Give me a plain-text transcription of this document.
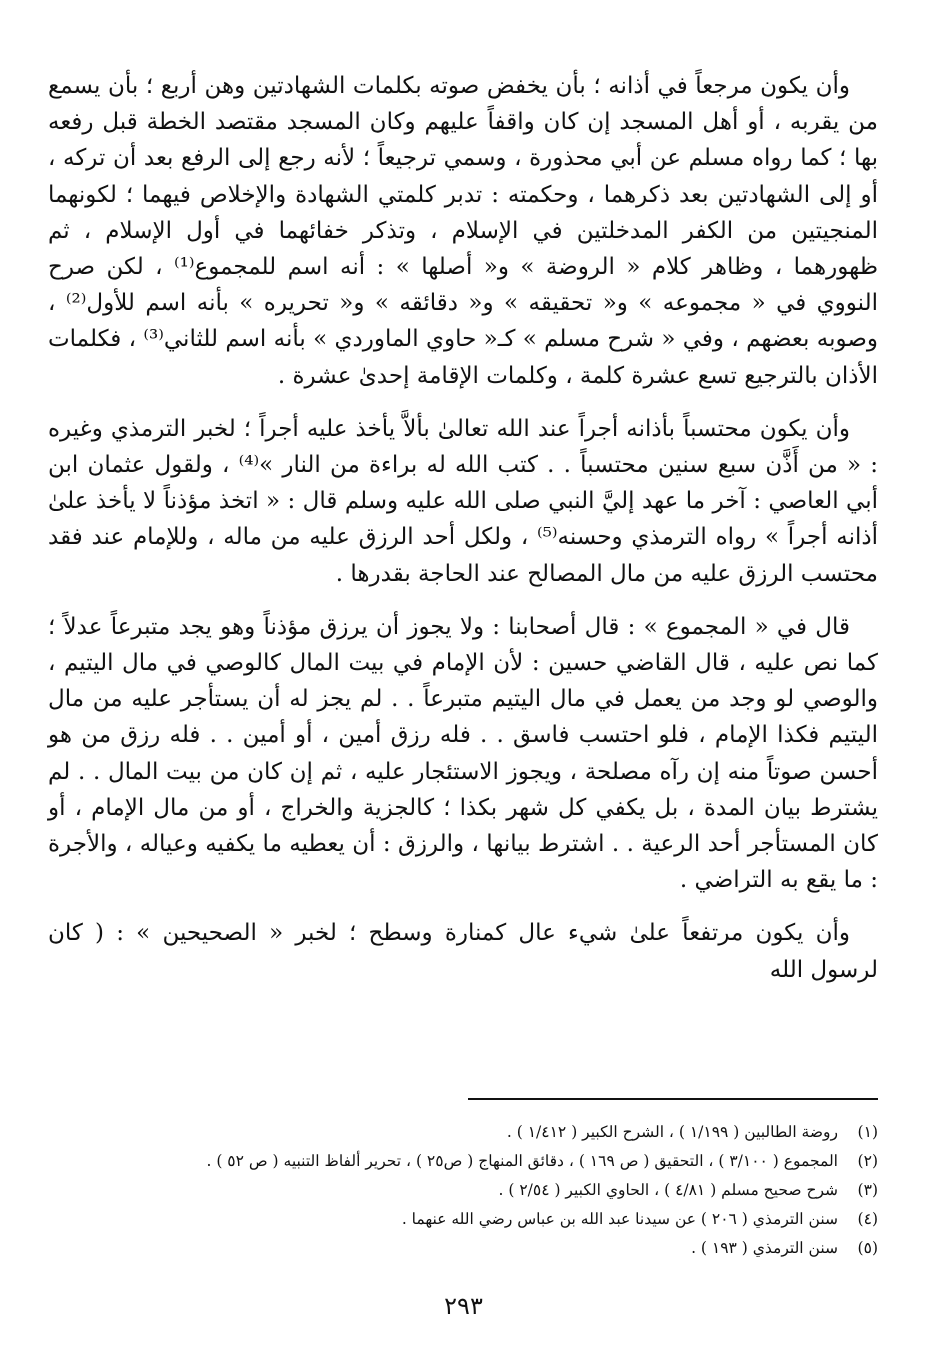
وأن يكون مرجعاً في أذانه ؛ بأن يخفض صوته بكلمات الشهادتين وهن أربع ؛ بأن يسمع من يقربه ، أو أهل المسجد إن كان واقفاً عليهم وكان المسجد مقتصد الخطة قبل رفعه بها ؛ كما رواه مسلم عن أبي محذورة ، وسمي ترجيعاً ؛ لأنه رجع إلى الرفع بعد أن تركه ، أو إلى الشهادتين بعد ذكرهما ، وحكمته : تدبر كلمتي الشهادة والإخلاص فيهما ؛ لكونهما المنجيتين من الكفر المدخلتين في الإسلام ، وتذكر خفائهما في أول الإسلام ، ثم ظهورهما ، وظاهر كلام « الروضة » و« أصلها » : أنه اسم للمجموع⁽¹⁾ ، لكن صرح النووي في « مجموعه » و« تحقيقه » و« دقائقه » و« تحريره » بأنه اسم للأول⁽²⁾ ، وصوبه بعضهم ، وفي « شرح مسلم » كـ« حاوي الماوردي » بأنه اسم للثاني⁽³⁾ ، فكلمات الأذان بالترجيع تسع عشرة كلمة ، وكلمات الإقامة إحدىٰ عشرة .

وأن يكون محتسباً بأذانه أجراً عند الله تعالىٰ بألاَّ يأخذ عليه أجراً ؛ لخبر الترمذي وغيره : « من أَذَّن سبع سنين محتسباً . . كتب الله له براءة من النار »⁽⁴⁾ ، ولقول عثمان ابن أبي العاصي : آخر ما عهد إليَّ النبي صلى الله عليه وسلم قال : « اتخذ مؤذناً لا يأخذ علىٰ أذانه أجراً » رواه الترمذي وحسنه⁽⁵⁾ ، ولكل أحد الرزق عليه من ماله ، وللإمام عند فقد محتسب الرزق عليه من مال المصالح عند الحاجة بقدرها .

قال في « المجموع » : قال أصحابنا : ولا يجوز أن يرزق مؤذناً وهو يجد متبرعاً عدلاً ؛ كما نص عليه ، قال القاضي حسين : لأن الإمام في بيت المال كالوصي في مال اليتيم ، والوصي لو وجد من يعمل في مال اليتيم متبرعاً . . لم يجز له أن يستأجر عليه من مال اليتيم فكذا الإمام ، فلو احتسب فاسق . . فله رزق أمين ، أو أمين . . فله رزق من هو أحسن صوتاً منه إن رآه مصلحة ، ويجوز الاستئجار عليه ، ثم إن كان من بيت المال . . لم يشترط بيان المدة ، بل يكفي كل شهر بكذا ؛ كالجزية والخراج ، أو من مال الإمام ، أو كان المستأجر أحد الرعية . . اشترط بيانها ، والرزق : أن يعطيه ما يكفيه وعياله ، والأجرة : ما يقع به التراضي .

وأن يكون مرتفعاً علىٰ شيء عال كمنارة وسطح ؛ لخبر « الصحيحين » : ( كان لرسول الله

(١)
روضة الطالبين ( ١/١٩٩ ) ، الشرح الكبير ( ١/٤١٢ ) .
(٢)
المجموع ( ٣/١٠٠ ) ، التحقيق ( ص ١٦٩ ) ، دقائق المنهاج ( ص٢٥ ) ، تحرير ألفاظ التنبيه ( ص ٥٢ ) .
(٣)
شرح صحيح مسلم ( ٤/٨١ ) ، الحاوي الكبير ( ٢/٥٤ ) .
(٤)
سنن الترمذي ( ٢٠٦ ) عن سيدنا عبد الله بن عباس رضي الله عنهما .
(٥)
سنن الترمذي ( ١٩٣ ) .
٢٩٣
